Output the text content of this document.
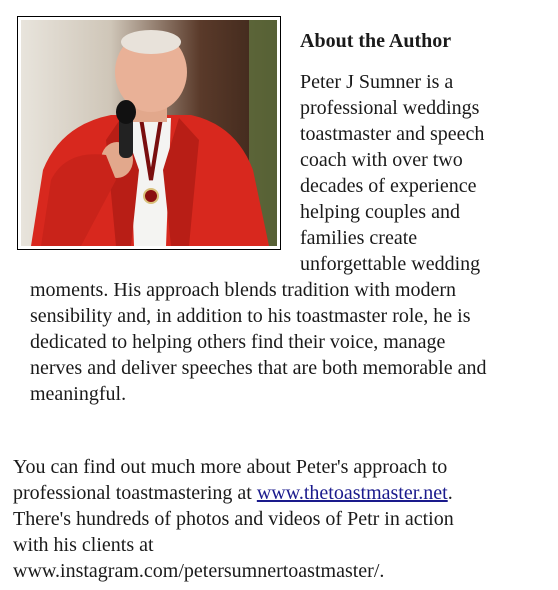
About the Author
Peter J Sumner is a
professional weddings
toastmaster and speech
coach with over two
decades of experience
helping couples and
families create
unforgettable wedding
moments. His approach blends tradition with modern
sensibility and, in addition to his toastmaster role, he is
dedicated to helping others find their voice, manage
nerves and deliver speeches that are both memorable and
meaningful.
You can find out much more about Peter's approach to
professional toastmastering at www.thetoastmaster.net.
There's hundreds of photos and videos of Petr in action
with his clients at
www.instagram.com/petersumnertoastmaster/.
